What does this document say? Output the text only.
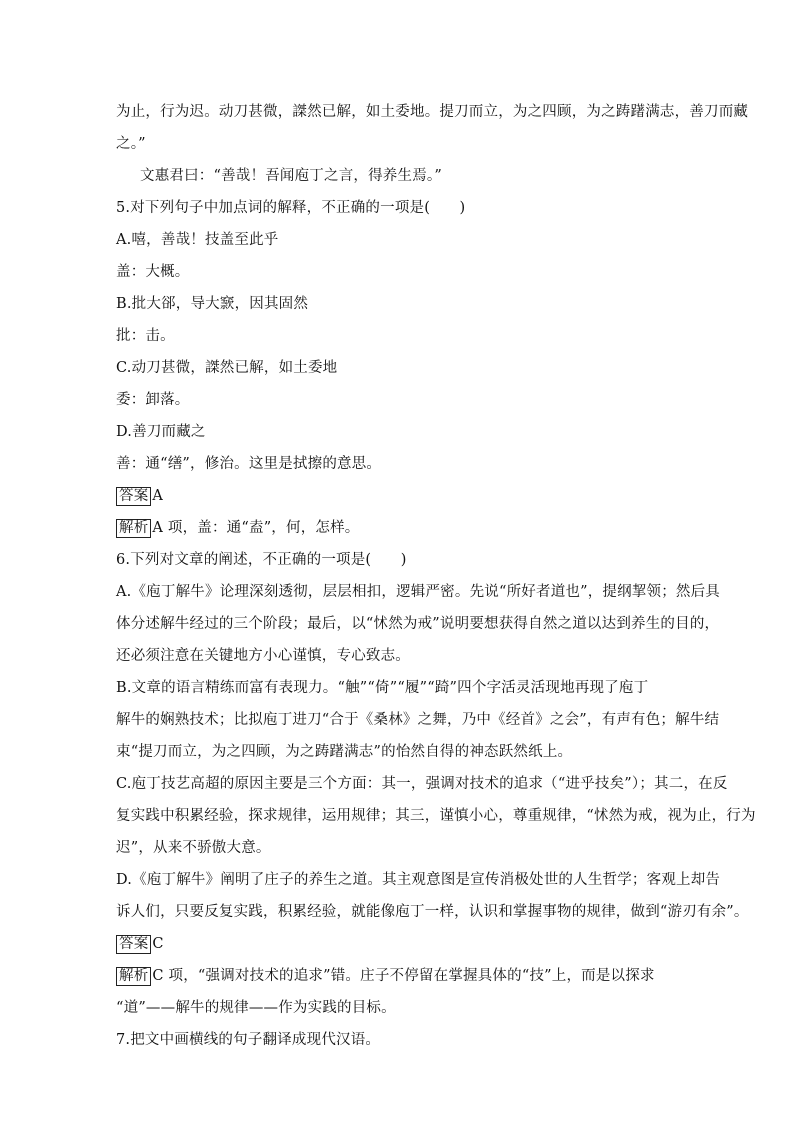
为止，行为迟。动刀甚微，謋然已解，如土委地。提刀而立，为之四顾，为之踌躇满志，善刀而藏
之。”
文惠君曰：“善哉！吾闻庖丁之言，得养生焉。”
5.对下列句子中加点词的解释，不正确的一项是(　　)
A.嘻，善哉！技盖至此乎
盖：大概。
B.批大郤，导大窾，因其固然
批：击。
C.动刀甚微，謋然已解，如土委地
委：卸落。
D.善刀而藏之
善：通“缮”，修治。这里是拭擦的意思。
答案 A
解析 A 项，盖：通“盍”，何，怎样。
6.下列对文章的阐述，不正确的一项是(　　)
A.《庖丁解牛》论理深刻透彻，层层相扣，逻辑严密。先说“所好者道也”，提纲挈领；然后具
体分述解牛经过的三个阶段；最后，以“怵然为戒”说明要想获得自然之道以达到养生的目的，
还必须注意在关键地方小心谨慎，专心致志。
B.文章的语言精练而富有表现力。“触”“倚”“履”“踦”四个字活灵活现地再现了庖丁
解牛的娴熟技术；比拟庖丁进刀“合于《桑林》之舞，乃中《经首》之会”，有声有色；解牛结
束“提刀而立，为之四顾，为之踌躇满志”的怡然自得的神态跃然纸上。
C.庖丁技艺高超的原因主要是三个方面：其一，强调对技术的追求（“进乎技矣”）；其二，在反
复实践中积累经验，探求规律，运用规律；其三，谨慎小心，尊重规律，“怵然为戒，视为止，行为
迟”，从来不骄傲大意。
D.《庖丁解牛》阐明了庄子的养生之道。其主观意图是宣传消极处世的人生哲学；客观上却告
诉人们，只要反复实践，积累经验，就能像庖丁一样，认识和掌握事物的规律，做到“游刃有余”。
答案 C
解析 C 项，“强调对技术的追求”错。庄子不停留在掌握具体的“技”上，而是以探求
“道”——解牛的规律——作为实践的目标。
7.把文中画横线的句子翻译成现代汉语。
